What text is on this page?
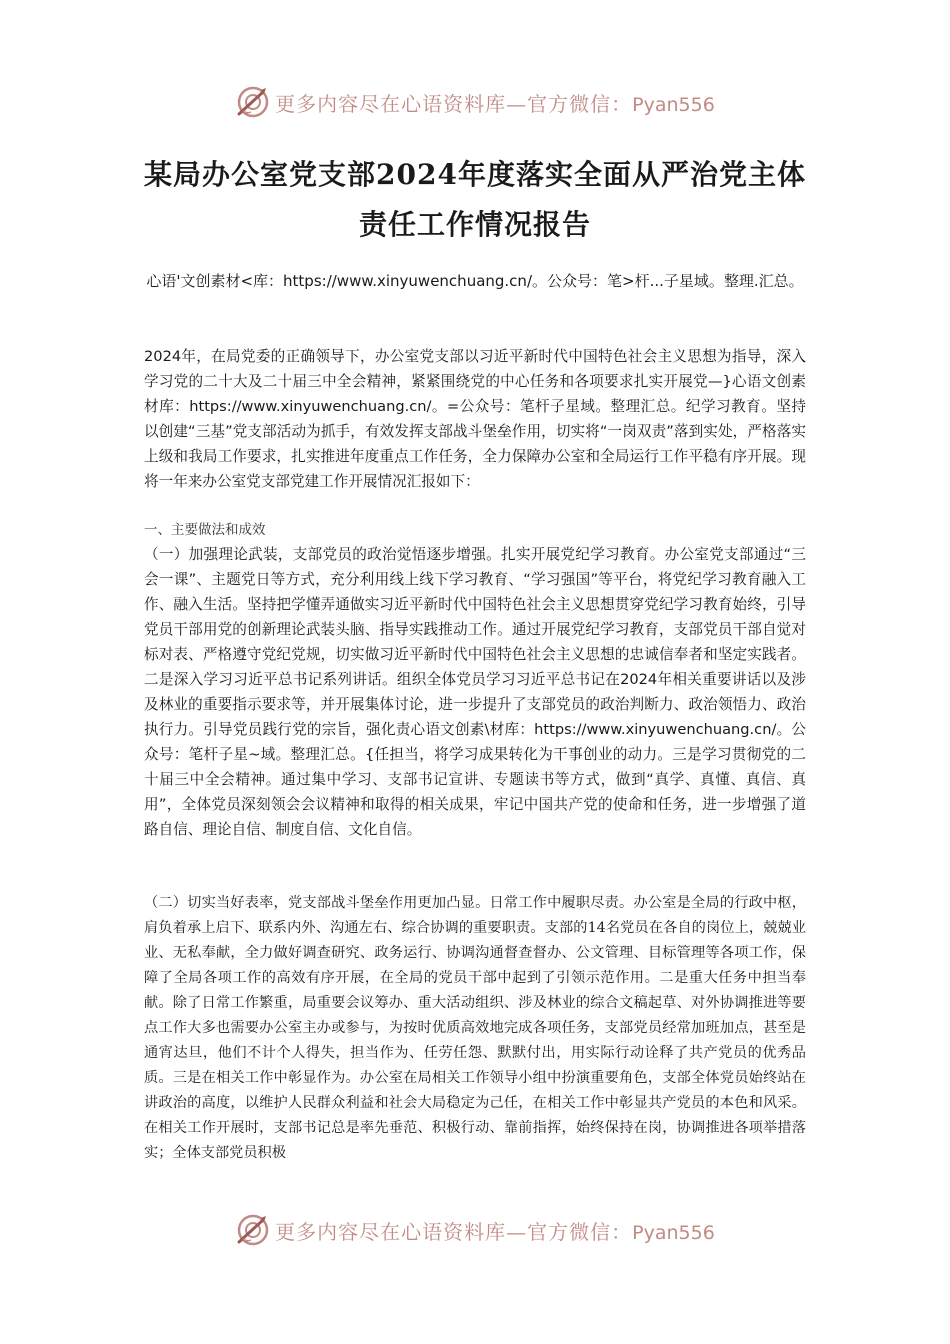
更多内容尽在心语资料库—官方微信：Pyan556
某局办公室党支部2024年度落实全面从严治党主体责任工作情况报告

心语'文创素材<库：https://www.xinyuwenchuang.cn/。公众号：笔>杆...子星域。整理.汇总。

2024年，在局党委的正确领导下，办公室党支部以习近平新时代中国特色社会主义思想为指导，深入学习党的二十大及二十届三中全会精神，紧紧围绕党的中心任务和各项要求扎实开展党—}心语文创素材库：https://www.xinyuwenchuang.cn/。=公众号：笔杆子星域。整理汇总。纪学习教育。坚持以创建“三基”党支部活动为抓手，有效发挥支部战斗堡垒作用，切实将“一岗双责”落到实处，严格落实上级和我局工作要求，扎实推进年度重点工作任务，全力保障办公室和全局运行工作平稳有序开展。现将一年来办公室党支部党建工作开展情况汇报如下：

一、主要做法和成效

（一）加强理论武装，支部党员的政治觉悟逐步增强。扎实开展党纪学习教育。办公室党支部通过“三会一课”、主题党日等方式，充分利用线上线下学习教育、“学习强国”等平台，将党纪学习教育融入工作、融入生活。坚持把学懂弄通做实习近平新时代中国特色社会主义思想贯穿党纪学习教育始终，引导党员干部用党的创新理论武装头脑、指导实践推动工作。通过开展党纪学习教育，支部党员干部自觉对标对表、严格遵守党纪党规，切实做习近平新时代中国特色社会主义思想的忠诚信奉者和坚定实践者。二是深入学习习近平总书记系列讲话。组织全体党员学习习近平总书记在2024年相关重要讲话以及涉及林业的重要指示要求等，并开展集体讨论，进一步提升了支部党员的政治判断力、政治领悟力、政治执行力。引导党员践行党的宗旨，强化责心语文创素\材库：https://www.xinyuwenchuang.cn/。公众号：笔杆子星~域。整理汇总。{任担当，将学习成果转化为干事创业的动力。三是学习贯彻党的二十届三中全会精神。通过集中学习、支部书记宣讲、专题读书等方式，做到“真学、真懂、真信、真用”，全体党员深刻领会会议精神和取得的相关成果，牢记中国共产党的使命和任务，进一步增强了道路自信、理论自信、制度自信、文化自信。

（二）切实当好表率，党支部战斗堡垒作用更加凸显。日常工作中履职尽责。办公室是全局的行政中枢，肩负着承上启下、联系内外、沟通左右、综合协调的重要职责。支部的14名党员在各自的岗位上，兢兢业业、无私奉献，全力做好调查研究、政务运行、协调沟通督查督办、公文管理、目标管理等各项工作，保障了全局各项工作的高效有序开展，在全局的党员干部中起到了引领示范作用。二是重大任务中担当奉献。除了日常工作繁重，局重要会议筹办、重大活动组织、涉及林业的综合文稿起草、对外协调推进等要点工作大多也需要办公室主办或参与，为按时优质高效地完成各项任务，支部党员经常加班加点，甚至是通宵达旦，他们不计个人得失，担当作为、任劳任怨、默默付出，用实际行动诠释了共产党员的优秀品质。三是在相关工作中彰显作为。办公室在局相关工作领导小组中扮演重要角色，支部全体党员始终站在讲政治的高度，以维护人民群众利益和社会大局稳定为己任，在相关工作中彰显共产党员的本色和风采。在相关工作开展时，支部书记总是率先垂范、积极行动、靠前指挥，始终保持在岗，协调推进各项举措落实；全体支部党员积极

更多内容尽在心语资料库—官方微信：Pyan556
